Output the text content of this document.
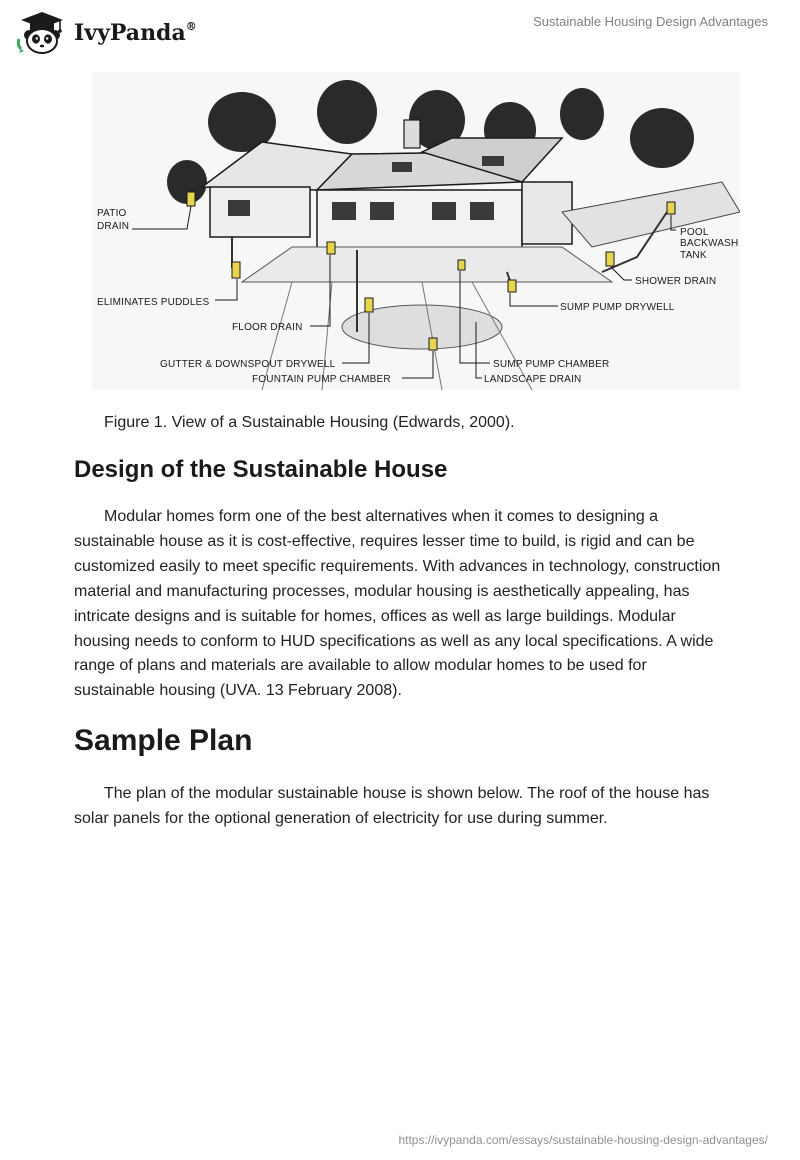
IvyPanda®	Sustainable Housing Design Advantages
PATIO
DRAIN
POOL
BACKWASH
TANK
SHOWER DRAIN
ELIMINATES PUDDLES	SUMP PUMP DRYWELL
FLOOR DRAIN
GUTTER & DOWNSPOUT DRYWELL	SUMP PUMP CHAMBER
FOUNTAIN PUMP CHAMBER	LANDSCAPE DRAIN
Figure 1. View of a Sustainable Housing (Edwards, 2000).
Design of the Sustainable House

Modular homes form one of the best alternatives when it comes to designing a sustainable house as it is cost-effective, requires lesser time to build, is rigid and can be customized easily to meet specific requirements. With advances in technology, construction material and manufacturing processes, modular housing is aesthetically appealing, has intricate designs and is suitable for homes, offices as well as large buildings. Modular housing needs to conform to HUD specifications as well as any local specifications. A wide range of plans and materials are available to allow modular homes to be used for sustainable housing (UVA. 13 February 2008).

Sample Plan

The plan of the modular sustainable house is shown below. The roof of the house has solar panels for the optional generation of electricity for use during summer.

https://ivypanda.com/essays/sustainable-housing-design-advantages/
